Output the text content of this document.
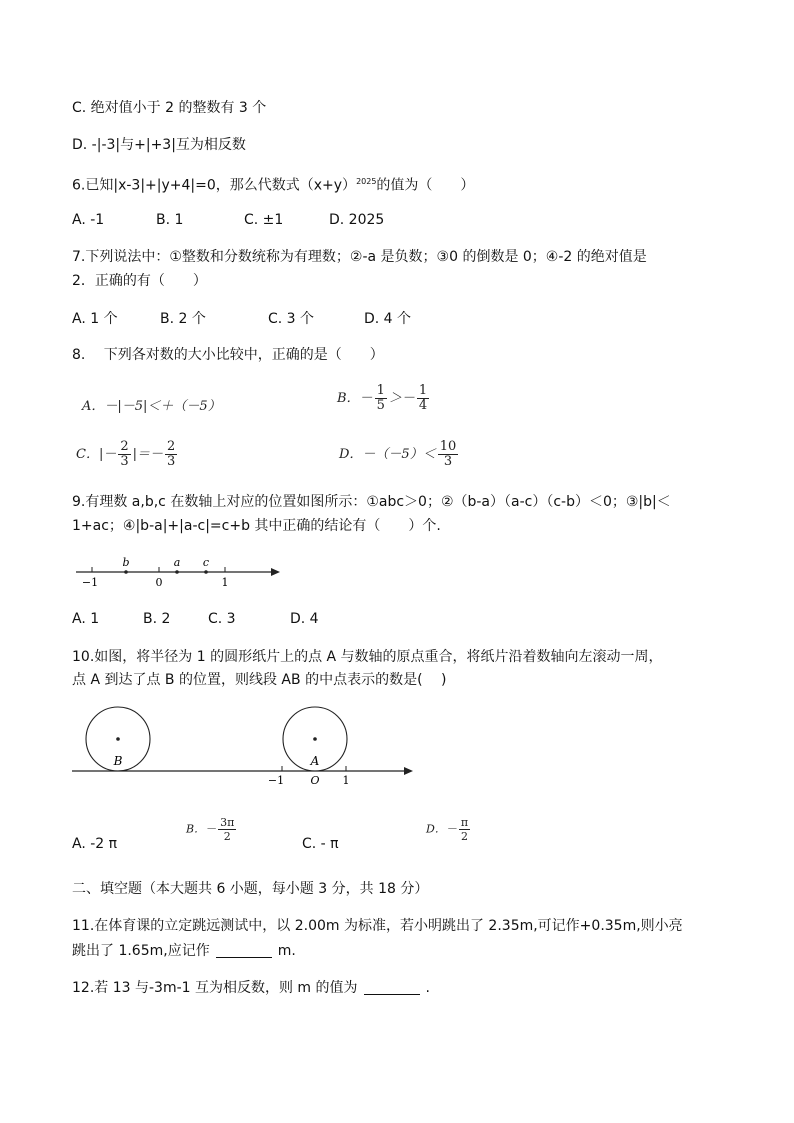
C. 绝对值小于 2 的整数有 3 个
D. -|-3|与+|+3|互为相反数
6.已知|x-3|+|y+4|=0，那么代数式$(x+y)^{2025}$的值为（　　）
A. -1	B. 1	C. ±1	D. 2025
7.下列说法中：①整数和分数统称为有理数；②-a 是负数；③0 的倒数是 0；④-2 的绝对值是
2．正确的有（　　）
A. 1 个	B. 2 个	C. 3 个	D. 4 个
8.　 下列各对数的大小比较中，正确的是（　　）
A．－|－5|＜＋（－5）
B．－ $\frac{1}{5} >- \frac{1}{4}$
C．|－ $\frac{2}{3}$ |＝－ $\frac{2}{3}$	D．$-(-5)< \frac{10}{3}$
9.有理数 a,b,c 在数轴上对应的位置如图所示：①abc＞0；②（b-a）（a-c）（c-b）＜0；③|b|＜
1+ac；④|b-a|+|a-c|=c+b 其中正确的结论有（　　）个.
b	a c
−1	0	1
A. 1	B. 2	C. 3	D. 4
10.如图，将半径为 1 的圆形纸片上的点 A 与数轴的原点重合，将纸片沿着数轴向左滚动一周，
点 A 到达了点 B 的位置，则线段 AB 的中点表示的数是(　 )
B	A
−1 O 1
A. -2 π
B．－ $\frac{3\pi}{2}$
C. - π
D．－ $\frac{\pi}{2}$
二、填空题（本大题共 6 小题，每小题 3 分，共 18 分）
11.在体育课的立定跳远测试中，以 2.00m 为标准，若小明跳出了 2.35m,可记作+0.35m,则小亮
跳出了 1.65m,应记作	m.
12.若 13 与-3m-1 互为相反数，则 m 的值为	.
